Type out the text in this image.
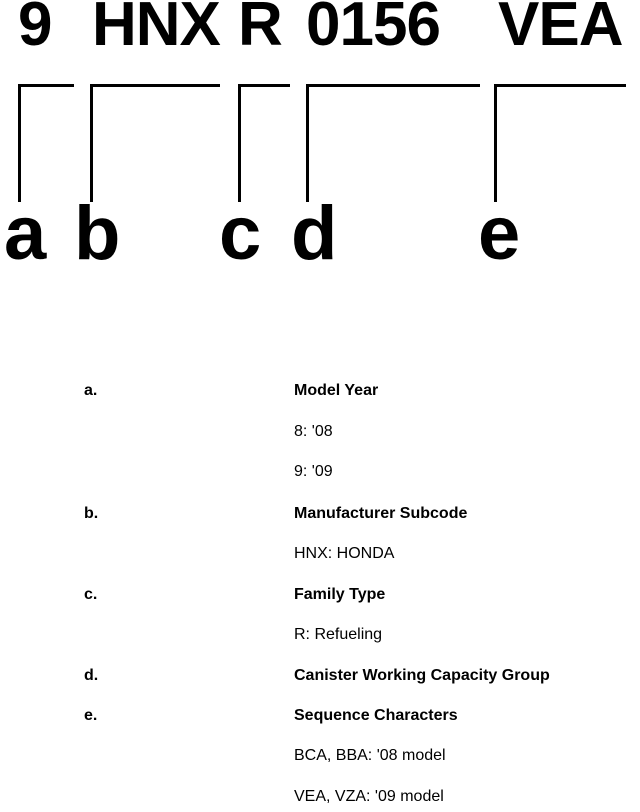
9 HNX R 0156 VEA
a b c d e
a.	Model Year
8: '08
9: '09
b.	Manufacturer Subcode
HNX: HONDA
c.	Family Type
R: Refueling
d.	Canister Working Capacity Group
e.	Sequence Characters
BCA, BBA: '08 model
VEA, VZA: '09 model
